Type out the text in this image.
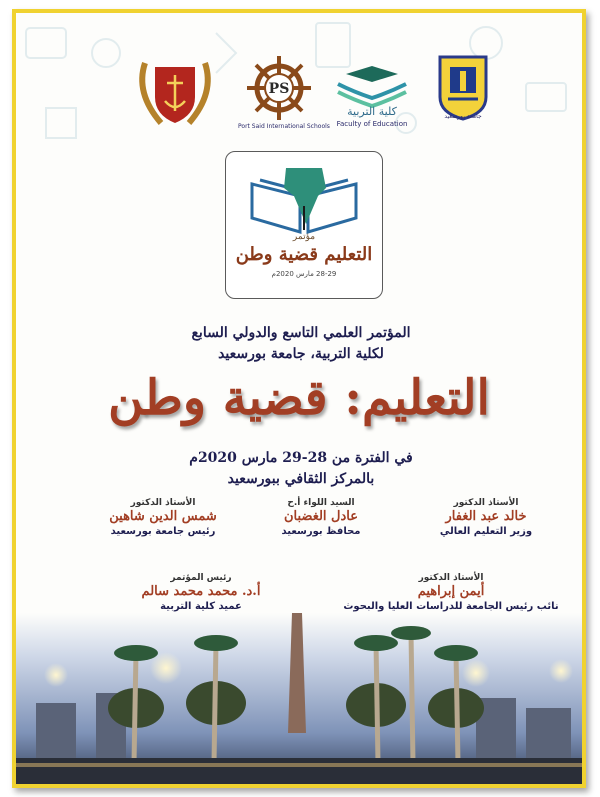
PS
Port Said International Schools
كلية التربية
Faculty of Education
جامعة بورسعيد
مؤتمر
التعليم قضية وطن
28-29 مارس 2020م
المؤتمر العلمي التاسع والدولي السابع
لكلية التربية، جامعة بورسعيد
التعليم: قضية وطن
في الفترة من 28-29 مارس 2020م
بالمركز الثقافي ببورسعيد
الأستاذ الدكتور
خالد عبد الغفار
وزير التعليم العالي
السيد اللواء أ.ح
عادل الغضبان
محافظ بورسعيد
الأستاذ الدكتور
شمس الدين شاهين
رئيس جامعة بورسعيد
الأستاذ الدكتور
أيمن إبراهيم
نائب رئيس الجامعة للدراسات العليا والبحوث
رئيس المؤتمر
أ.د. محمد محمد سالم
عميد كلية التربية
